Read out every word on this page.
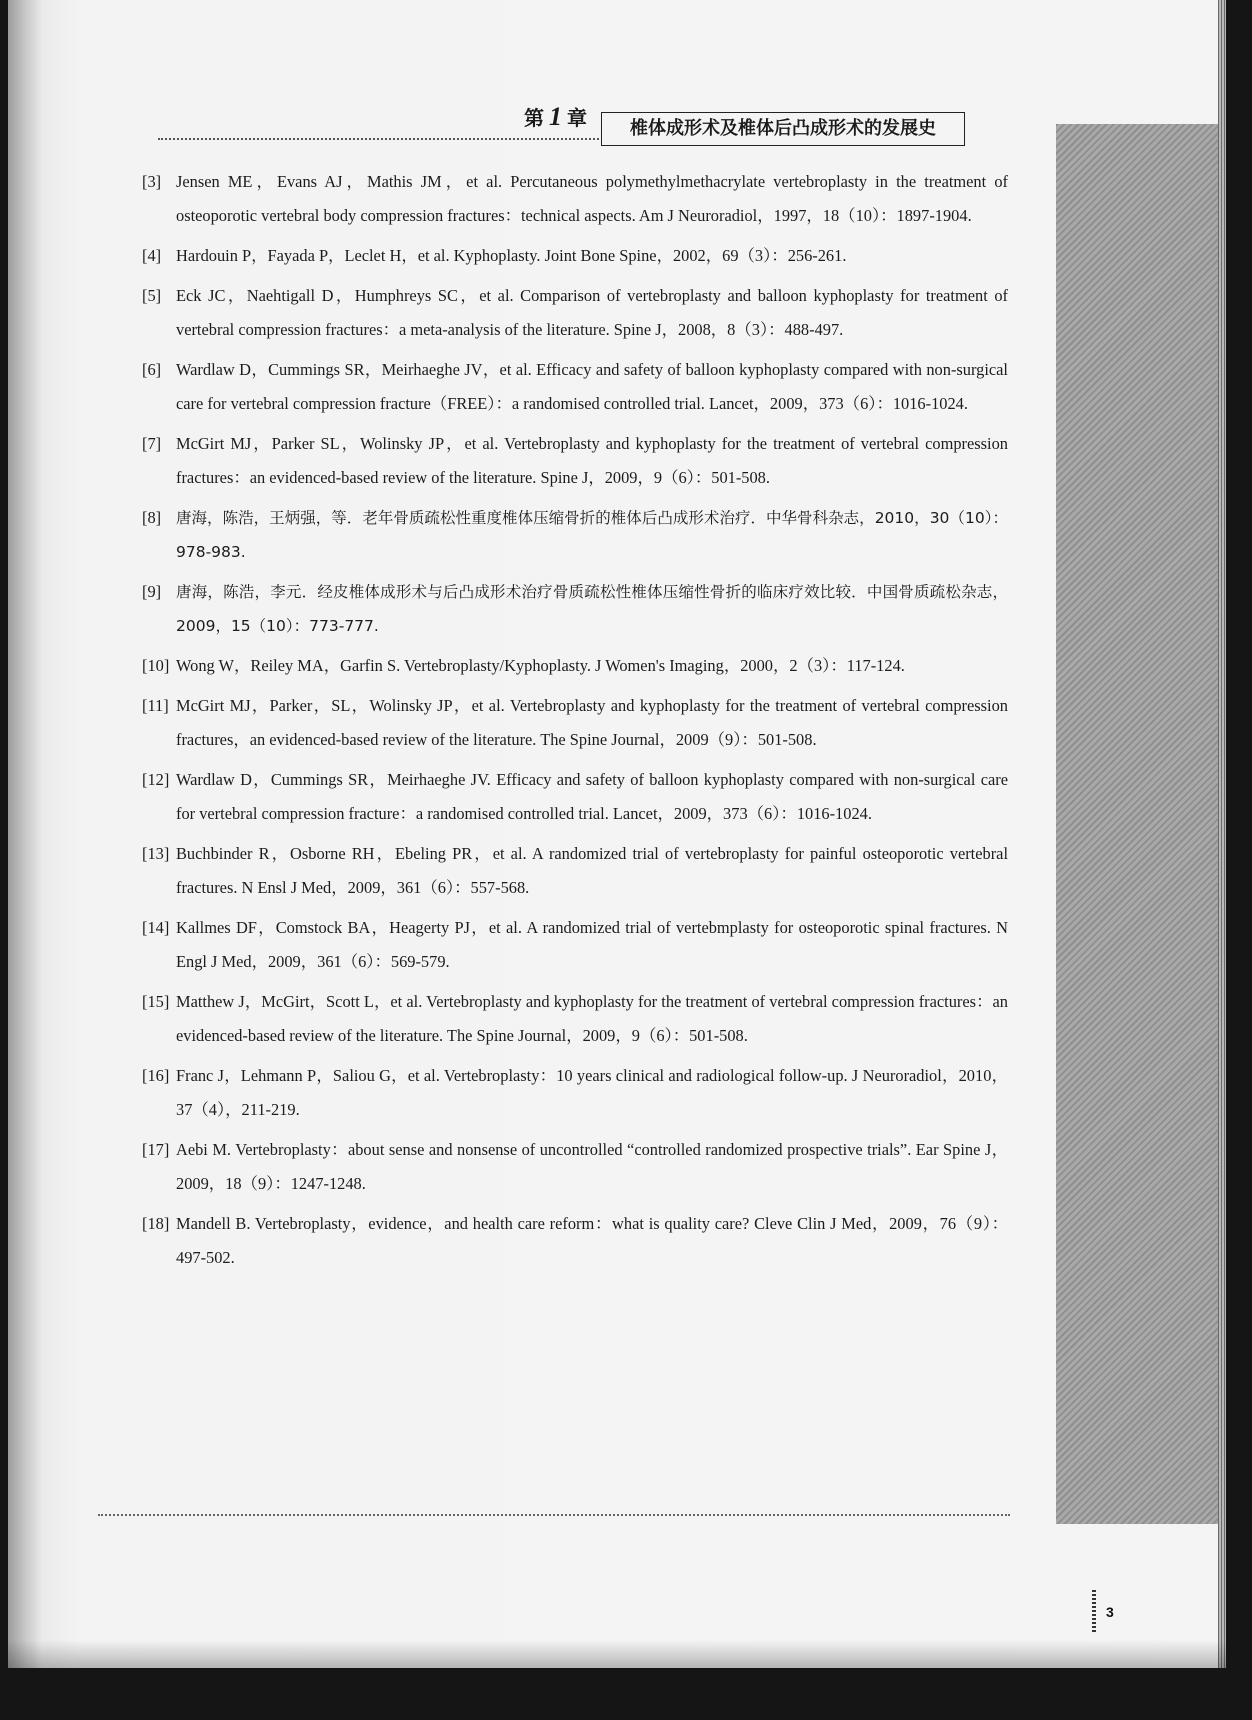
第 1 章	椎体成形术及椎体后凸成形术的发展史
[3] Jensen ME，Evans AJ，Mathis JM，et al. Percutaneous polymethylmethacrylate vertebroplasty in the treatment of osteoporotic vertebral body compression fractures：technical aspects. Am J Neuroradiol，1997，18（10）：1897-1904.
[4] Hardouin P，Fayada P，Leclet H，et al. Kyphoplasty. Joint Bone Spine，2002，69（3）：256-261.
[5] Eck JC，Naehtigall D，Humphreys SC，et al. Comparison of vertebroplasty and balloon kyphoplasty for treatment of vertebral compression fractures：a meta-analysis of the literature. Spine J，2008，8（3）：488-497.
[6] Wardlaw D，Cummings SR，Meirhaeghe JV，et al. Efficacy and safety of balloon kyphoplasty compared with non-surgical care for vertebral compression fracture（FREE）：a randomised controlled trial. Lancet，2009，373（6）：1016-1024.
[7] McGirt MJ，Parker SL，Wolinsky JP，et al. Vertebroplasty and kyphoplasty for the treatment of vertebral compression fractures：an evidenced-based review of the literature. Spine J，2009，9（6）：501-508.
[8] 唐海，陈浩，王炳强，等．老年骨质疏松性重度椎体压缩骨折的椎体后凸成形术治疗．中华骨科杂志，2010，30（10）：978-983.
[9] 唐海，陈浩，李元．经皮椎体成形术与后凸成形术治疗骨质疏松性椎体压缩性骨折的临床疗效比较．中国骨质疏松杂志，2009，15（10）：773-777.
[10] Wong W，Reiley MA，Garfin S. Vertebroplasty/Kyphoplasty. J Women's Imaging，2000，2（3）：117-124.
[11] McGirt MJ，Parker，SL，Wolinsky JP，et al. Vertebroplasty and kyphoplasty for the treatment of vertebral compression fractures，an evidenced-based review of the literature. The Spine Journal，2009（9）：501-508.
[12] Wardlaw D，Cummings SR，Meirhaeghe JV. Efficacy and safety of balloon kyphoplasty compared with non-surgical care for vertebral compression fracture：a randomised controlled trial. Lancet，2009，373（6）：1016-1024.
[13] Buchbinder R，Osborne RH，Ebeling PR，et al. A randomized trial of vertebroplasty for painful osteoporotic vertebral fractures. N Ensl J Med，2009，361（6）：557-568.
[14] Kallmes DF，Comstock BA，Heagerty PJ，et al. A randomized trial of vertebmplasty for osteoporotic spinal fractures. N Engl J Med，2009，361（6）：569-579.
[15] Matthew J，McGirt，Scott L，et al. Vertebroplasty and kyphoplasty for the treatment of vertebral compression fractures：an evidenced-based review of the literature. The Spine Journal，2009，9（6）：501-508.
[16] Franc J，Lehmann P，Saliou G，et al. Vertebroplasty：10 years clinical and radiological follow-up. J Neuroradiol，2010，37（4），211-219.
[17] Aebi M. Vertebroplasty：about sense and nonsense of uncontrolled “controlled randomized prospective trials”. Ear Spine J，2009，18（9）：1247-1248.
[18] Mandell B. Vertebroplasty，evidence，and health care reform：what is quality care? Cleve Clin J Med，2009，76（9）：497-502.
3
